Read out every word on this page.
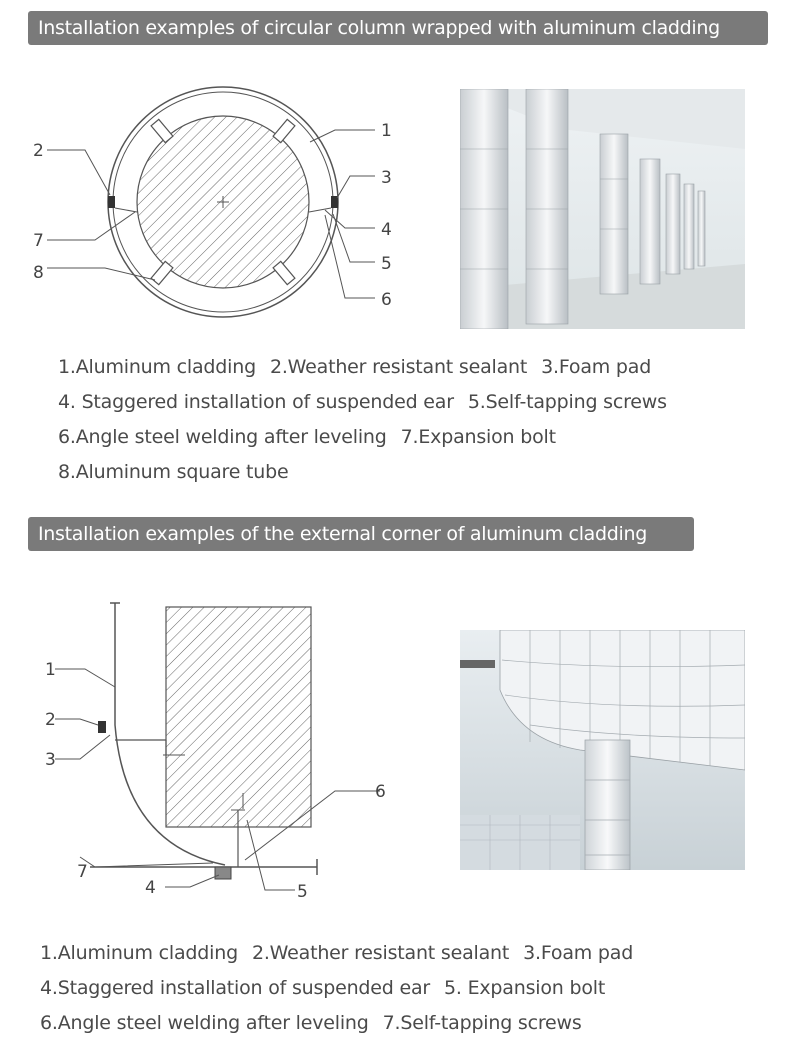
Installation examples of circular column wrapped with aluminum cladding
2
7
8
1
3
4
5
6
1.Aluminum cladding 2.Weather resistant sealant 3.Foam pad
4. Staggered installation of suspended ear 5.Self-tapping screws
6.Angle steel welding after leveling 7.Expansion bolt
8.Aluminum square tube
Installation examples of the external corner of aluminum cladding
1
2
3
6
7
4	5
1.Aluminum cladding 2.Weather resistant sealant 3.Foam pad
4.Staggered installation of suspended ear 5. Expansion bolt
6.Angle steel welding after leveling 7.Self-tapping screws
